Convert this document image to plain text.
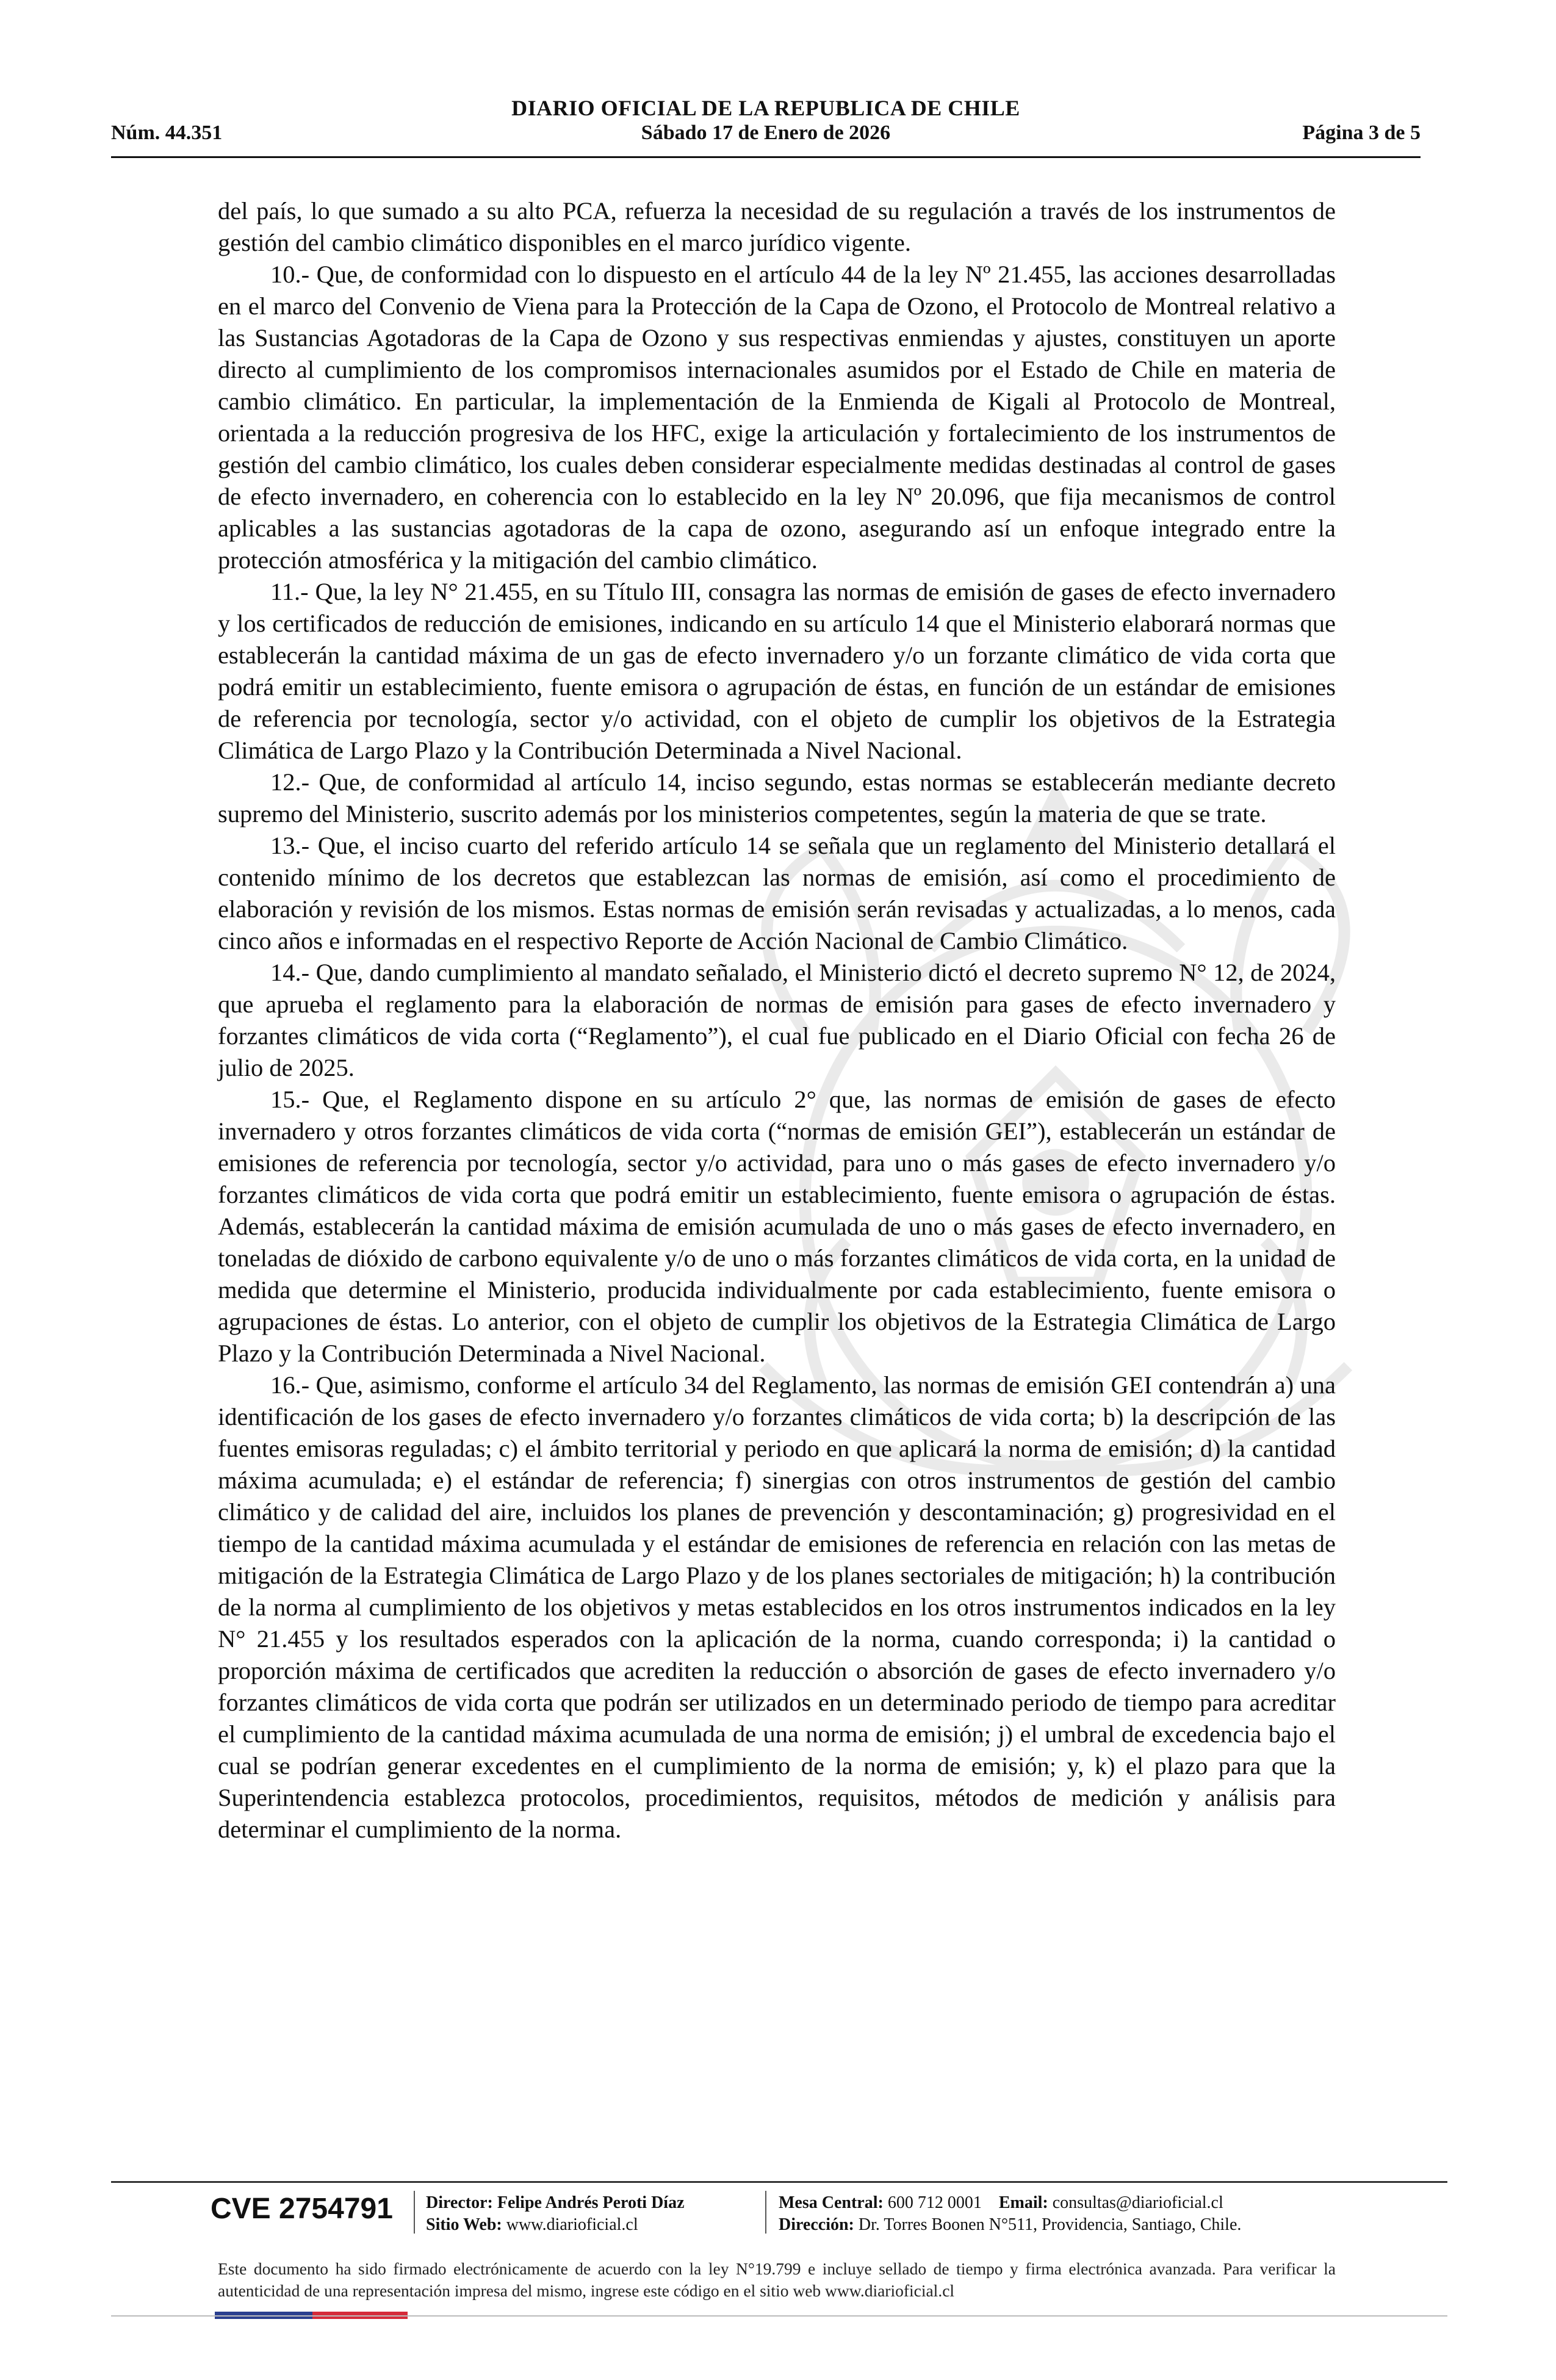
DIARIO OFICIAL DE LA REPUBLICA DE CHILE
Núm. 44.351	Sábado 17 de Enero de 2026	Página 3 de 5

del país, lo que sumado a su alto PCA, refuerza la necesidad de su regulación a través de los instrumentos de gestión del cambio climático disponibles en el marco jurídico vigente.

10.- Que, de conformidad con lo dispuesto en el artículo 44 de la ley Nº 21.455, las acciones desarrolladas en el marco del Convenio de Viena para la Protección de la Capa de Ozono, el Protocolo de Montreal relativo a las Sustancias Agotadoras de la Capa de Ozono y sus respectivas enmiendas y ajustes, constituyen un aporte directo al cumplimiento de los compromisos internacionales asumidos por el Estado de Chile en materia de cambio climático. En particular, la implementación de la Enmienda de Kigali al Protocolo de Montreal, orientada a la reducción progresiva de los HFC, exige la articulación y fortalecimiento de los instrumentos de gestión del cambio climático, los cuales deben considerar especialmente medidas destinadas al control de gases de efecto invernadero, en coherencia con lo establecido en la ley Nº 20.096, que fija mecanismos de control aplicables a las sustancias agotadoras de la capa de ozono, asegurando así un enfoque integrado entre la protección atmosférica y la mitigación del cambio climático.

11.- Que, la ley N° 21.455, en su Título III, consagra las normas de emisión de gases de efecto invernadero y los certificados de reducción de emisiones, indicando en su artículo 14 que el Ministerio elaborará normas que establecerán la cantidad máxima de un gas de efecto invernadero y/o un forzante climático de vida corta que podrá emitir un establecimiento, fuente emisora o agrupación de éstas, en función de un estándar de emisiones de referencia por tecnología, sector y/o actividad, con el objeto de cumplir los objetivos de la Estrategia Climática de Largo Plazo y la Contribución Determinada a Nivel Nacional.

12.- Que, de conformidad al artículo 14, inciso segundo, estas normas se establecerán mediante decreto supremo del Ministerio, suscrito además por los ministerios competentes, según la materia de que se trate.

13.- Que, el inciso cuarto del referido artículo 14 se señala que un reglamento del Ministerio detallará el contenido mínimo de los decretos que establezcan las normas de emisión, así como el procedimiento de elaboración y revisión de los mismos. Estas normas de emisión serán revisadas y actualizadas, a lo menos, cada cinco años e informadas en el respectivo Reporte de Acción Nacional de Cambio Climático.

14.- Que, dando cumplimiento al mandato señalado, el Ministerio dictó el decreto supremo N° 12, de 2024, que aprueba el reglamento para la elaboración de normas de emisión para gases de efecto invernadero y forzantes climáticos de vida corta (“Reglamento”), el cual fue publicado en el Diario Oficial con fecha 26 de julio de 2025.

15.- Que, el Reglamento dispone en su artículo 2° que, las normas de emisión de gases de efecto invernadero y otros forzantes climáticos de vida corta (“normas de emisión GEI”), establecerán un estándar de emisiones de referencia por tecnología, sector y/o actividad, para uno o más gases de efecto invernadero y/o forzantes climáticos de vida corta que podrá emitir un establecimiento, fuente emisora o agrupación de éstas. Además, establecerán la cantidad máxima de emisión acumulada de uno o más gases de efecto invernadero, en toneladas de dióxido de carbono equivalente y/o de uno o más forzantes climáticos de vida corta, en la unidad de medida que determine el Ministerio, producida individualmente por cada establecimiento, fuente emisora o agrupaciones de éstas. Lo anterior, con el objeto de cumplir los objetivos de la Estrategia Climática de Largo Plazo y la Contribución Determinada a Nivel Nacional.

16.- Que, asimismo, conforme el artículo 34 del Reglamento, las normas de emisión GEI contendrán a) una identificación de los gases de efecto invernadero y/o forzantes climáticos de vida corta; b) la descripción de las fuentes emisoras reguladas; c) el ámbito territorial y periodo en que aplicará la norma de emisión; d) la cantidad máxima acumulada; e) el estándar de referencia; f) sinergias con otros instrumentos de gestión del cambio climático y de calidad del aire, incluidos los planes de prevención y descontaminación; g) progresividad en el tiempo de la cantidad máxima acumulada y el estándar de emisiones de referencia en relación con las metas de mitigación de la Estrategia Climática de Largo Plazo y de los planes sectoriales de mitigación; h) la contribución de la norma al cumplimiento de los objetivos y metas establecidos en los otros instrumentos indicados en la ley N° 21.455 y los resultados esperados con la aplicación de la norma, cuando corresponda; i) la cantidad o proporción máxima de certificados que acrediten la reducción o absorción de gases de efecto invernadero y/o forzantes climáticos de vida corta que podrán ser utilizados en un determinado periodo de tiempo para acreditar el cumplimiento de la cantidad máxima acumulada de una norma de emisión; j) el umbral de excedencia bajo el cual se podrían generar excedentes en el cumplimiento de la norma de emisión; y, k) el plazo para que la Superintendencia establezca protocolos, procedimientos, requisitos, métodos de medición y análisis para determinar el cumplimiento de la norma.

CVE 2754791 Director: Felipe Andrés Peroti Díaz
Sitio Web: www.diarioficial.cl
Mesa Central: 600 712 0001 Email: consultas@diarioficial.cl
Dirección: Dr. Torres Boonen N°511, Providencia, Santiago, Chile.
Este documento ha sido firmado electrónicamente de acuerdo con la ley N°19.799 e incluye sellado de tiempo y firma electrónica avanzada. Para verificar la autenticidad de una representación impresa del mismo, ingrese este código en el sitio web www.diarioficial.cl
